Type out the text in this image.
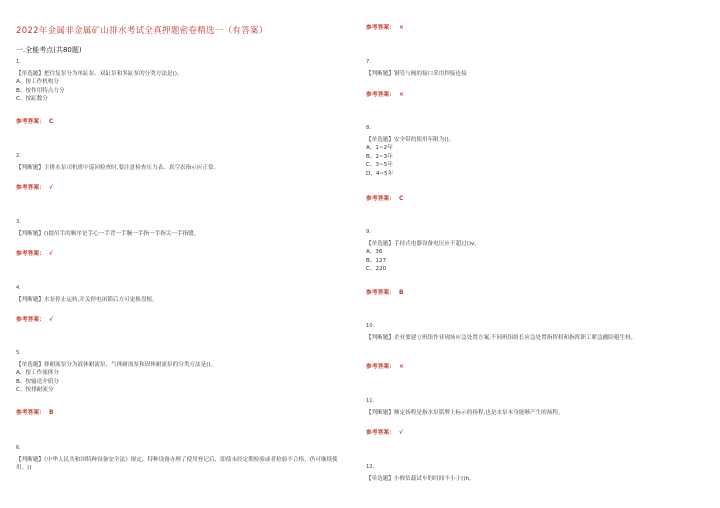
2022年金属非金属矿山排水考试全真押题密卷精选一（有答案）
一.全能考点(共80题)
1.
【单选题】把往复泵分为单缸泵、双缸泵和多缸泵的分类方法是()。
A、按工作机构分
B、按作用特点力分
C、按缸数分
参考答案： C
2.
【判断题】主排水泵司机班中巡回检查时,要注意检查压力表、真空表指示应正常。
参考答案： √
3.
【判断题】()提吊手的顺序是手心一手背一手腕一手指一手指尖一手指缝。
参考答案： √
4.
【判断题】水泵停止运转,开关停电闭锁后方可更换盘根。
参考答案： √
5.
【单选题】排耐流泵分为液体耐流泵、气体耐流泵和固体耐流泵的分类方法是()。
A、按工作流体分
B、按输送介质分
C、按排耐流分
参考答案： B
6.
【判断题】《中华人民共和国特种设备安全法》规定，特种设备办理了使用登记后，即使未经定期检验或者检验不合格，仍可继续使用。()
参考答案： ×
7.
【判断题】钢管与阀的接口采用焊接连接
参考答案： ×
8.
【单选题】安全带的使用年限为()。
A、1~2年
B、2~3年
C、3~5年
D、4~5年
参考答案： C
9.
【单选题】手持式电器设备电压应不超过()v。
A、36
B、127
C、220
参考答案： B
10.
【判断题】企业要建立班组作业现场应急处置方案,不同班组组长应急处置指挥权和指挥职工紧急撤险避生权。
参考答案： ×
11.
【判断题】额定扬程是指水泵铭牌上标示的扬程,也是水泵本身能够产生的扬程。
参考答案： √
12.
【单选题】小修负载试车的时间不小于()h。
